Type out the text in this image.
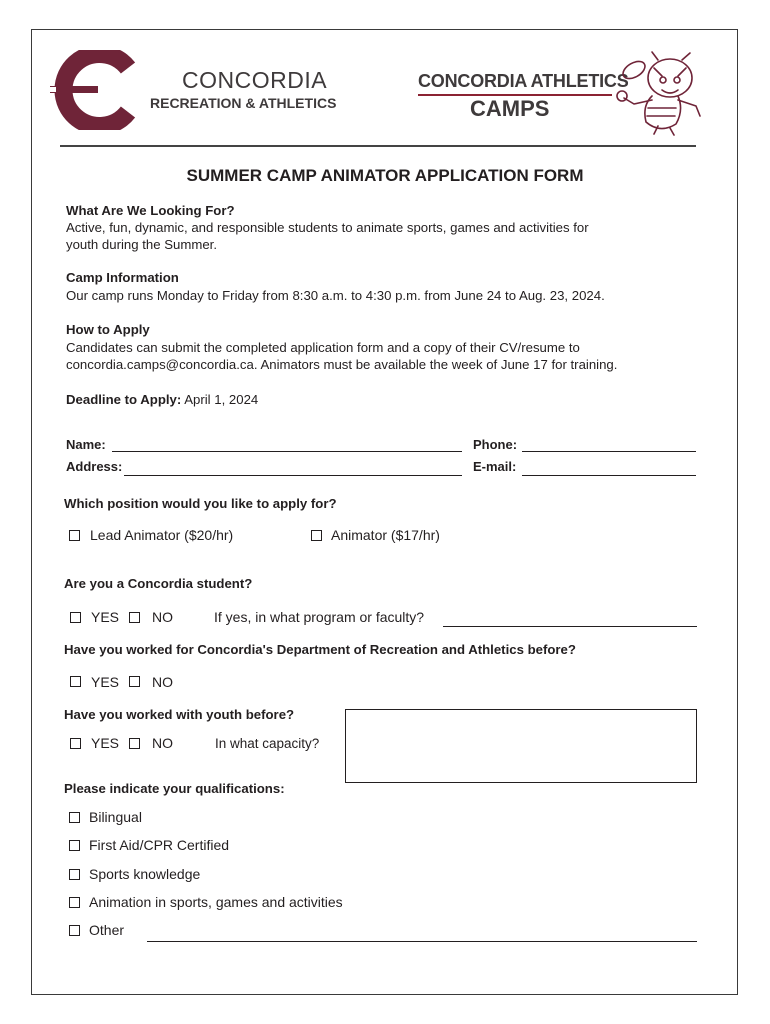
CONCORDIA
RECREATION & ATHLETICS
CONCORDIA ATHLETICS
CAMPS
SUMMER CAMP ANIMATOR APPLICATION FORM
What Are We Looking For?
Active, fun, dynamic, and responsible students to animate sports, games and activities for
youth during the Summer.
Camp Information
Our camp runs Monday to Friday from 8:30 a.m. to 4:30 p.m. from June 24 to Aug. 23, 2024.
How to Apply
Candidates can submit the completed application form and a copy of their CV/resume to
concordia.camps@concordia.ca. Animators must be available the week of June 17 for training.
Deadline to Apply: April 1, 2024
Name:	Phone:
Address:	E-mail:
Which position would you like to apply for?
Lead Animator ($20/hr)	Animator ($17/hr)
Are you a Concordia student?
YES NO	If yes, in what program or faculty?
Have you worked for Concordia's Department of Recreation and Athletics before?
YES NO
Have you worked with youth before?
YES NO	In what capacity?
Please indicate your qualifications:
Bilingual
First Aid/CPR Certified
Sports knowledge
Animation in sports, games and activities
Other
